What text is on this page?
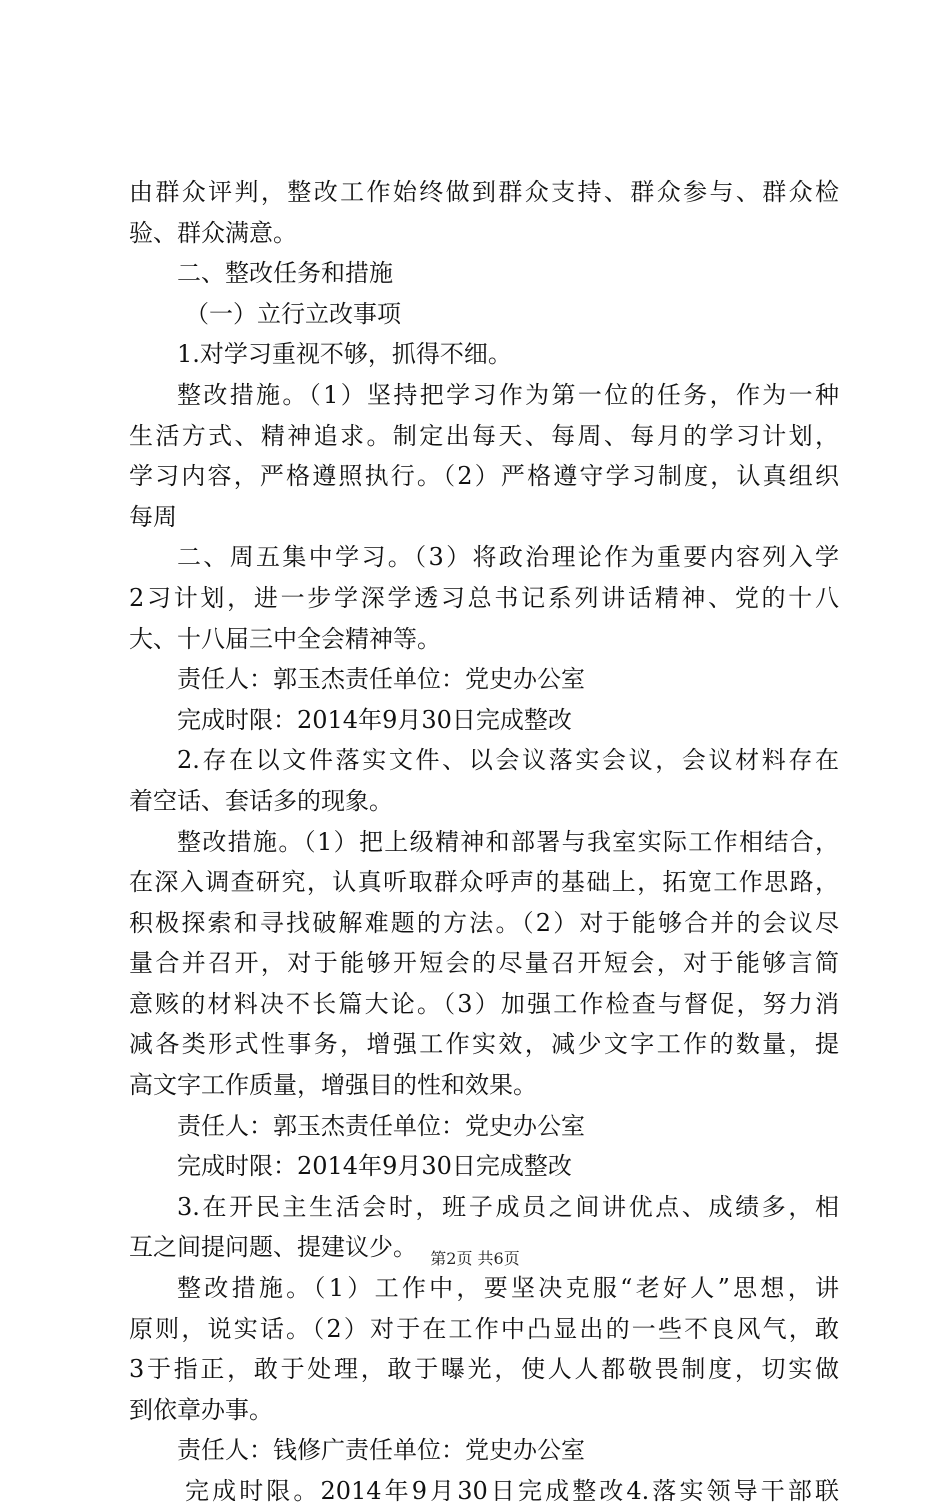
由群众评判，整改工作始终做到群众支持、群众参与、群众检
验、群众满意。
二、整改任务和措施
（一）立行立改事项
1.对学习重视不够，抓得不细。
整改措施。（1）坚持把学习作为第一位的任务，作为一种
生活方式、精神追求。制定出每天、每周、每月的学习计划，
学习内容，严格遵照执行。（2）严格遵守学习制度，认真组织
每周
二、周五集中学习。（3）将政治理论作为重要内容列入学
2习计划，进一步学深学透习总书记系列讲话精神、党的十八
大、十八届三中全会精神等。
责任人：郭玉杰责任单位：党史办公室
完成时限：2014年9月30日完成整改
2.存在以文件落实文件、以会议落实会议，会议材料存在
着空话、套话多的现象。
整改措施。（1）把上级精神和部署与我室实际工作相结合，
在深入调查研究，认真听取群众呼声的基础上，拓宽工作思路，
积极探索和寻找破解难题的方法。（2）对于能够合并的会议尽
量合并召开，对于能够开短会的尽量召开短会，对于能够言简
意赅的材料决不长篇大论。（3）加强工作检查与督促，努力消
减各类形式性事务，增强工作实效，减少文字工作的数量，提
高文字工作质量，增强目的性和效果。
责任人：郭玉杰责任单位：党史办公室
完成时限：2014年9月30日完成整改
3.在开民主生活会时，班子成员之间讲优点、成绩多，相
互之间提问题、提建议少。
整改措施。（1）工作中，要坚决克服“老好人”思想，讲
原则，说实话。（2）对于在工作中凸显出的一些不良风气，敢
3于指正，敢于处理，敢于曝光，使人人都敬畏制度，切实做
到依章办事。
责任人：钱修广责任单位：党史办公室
完成时限。2014年9月30日完成整改4.落实领导干部联
第2页 共6页
